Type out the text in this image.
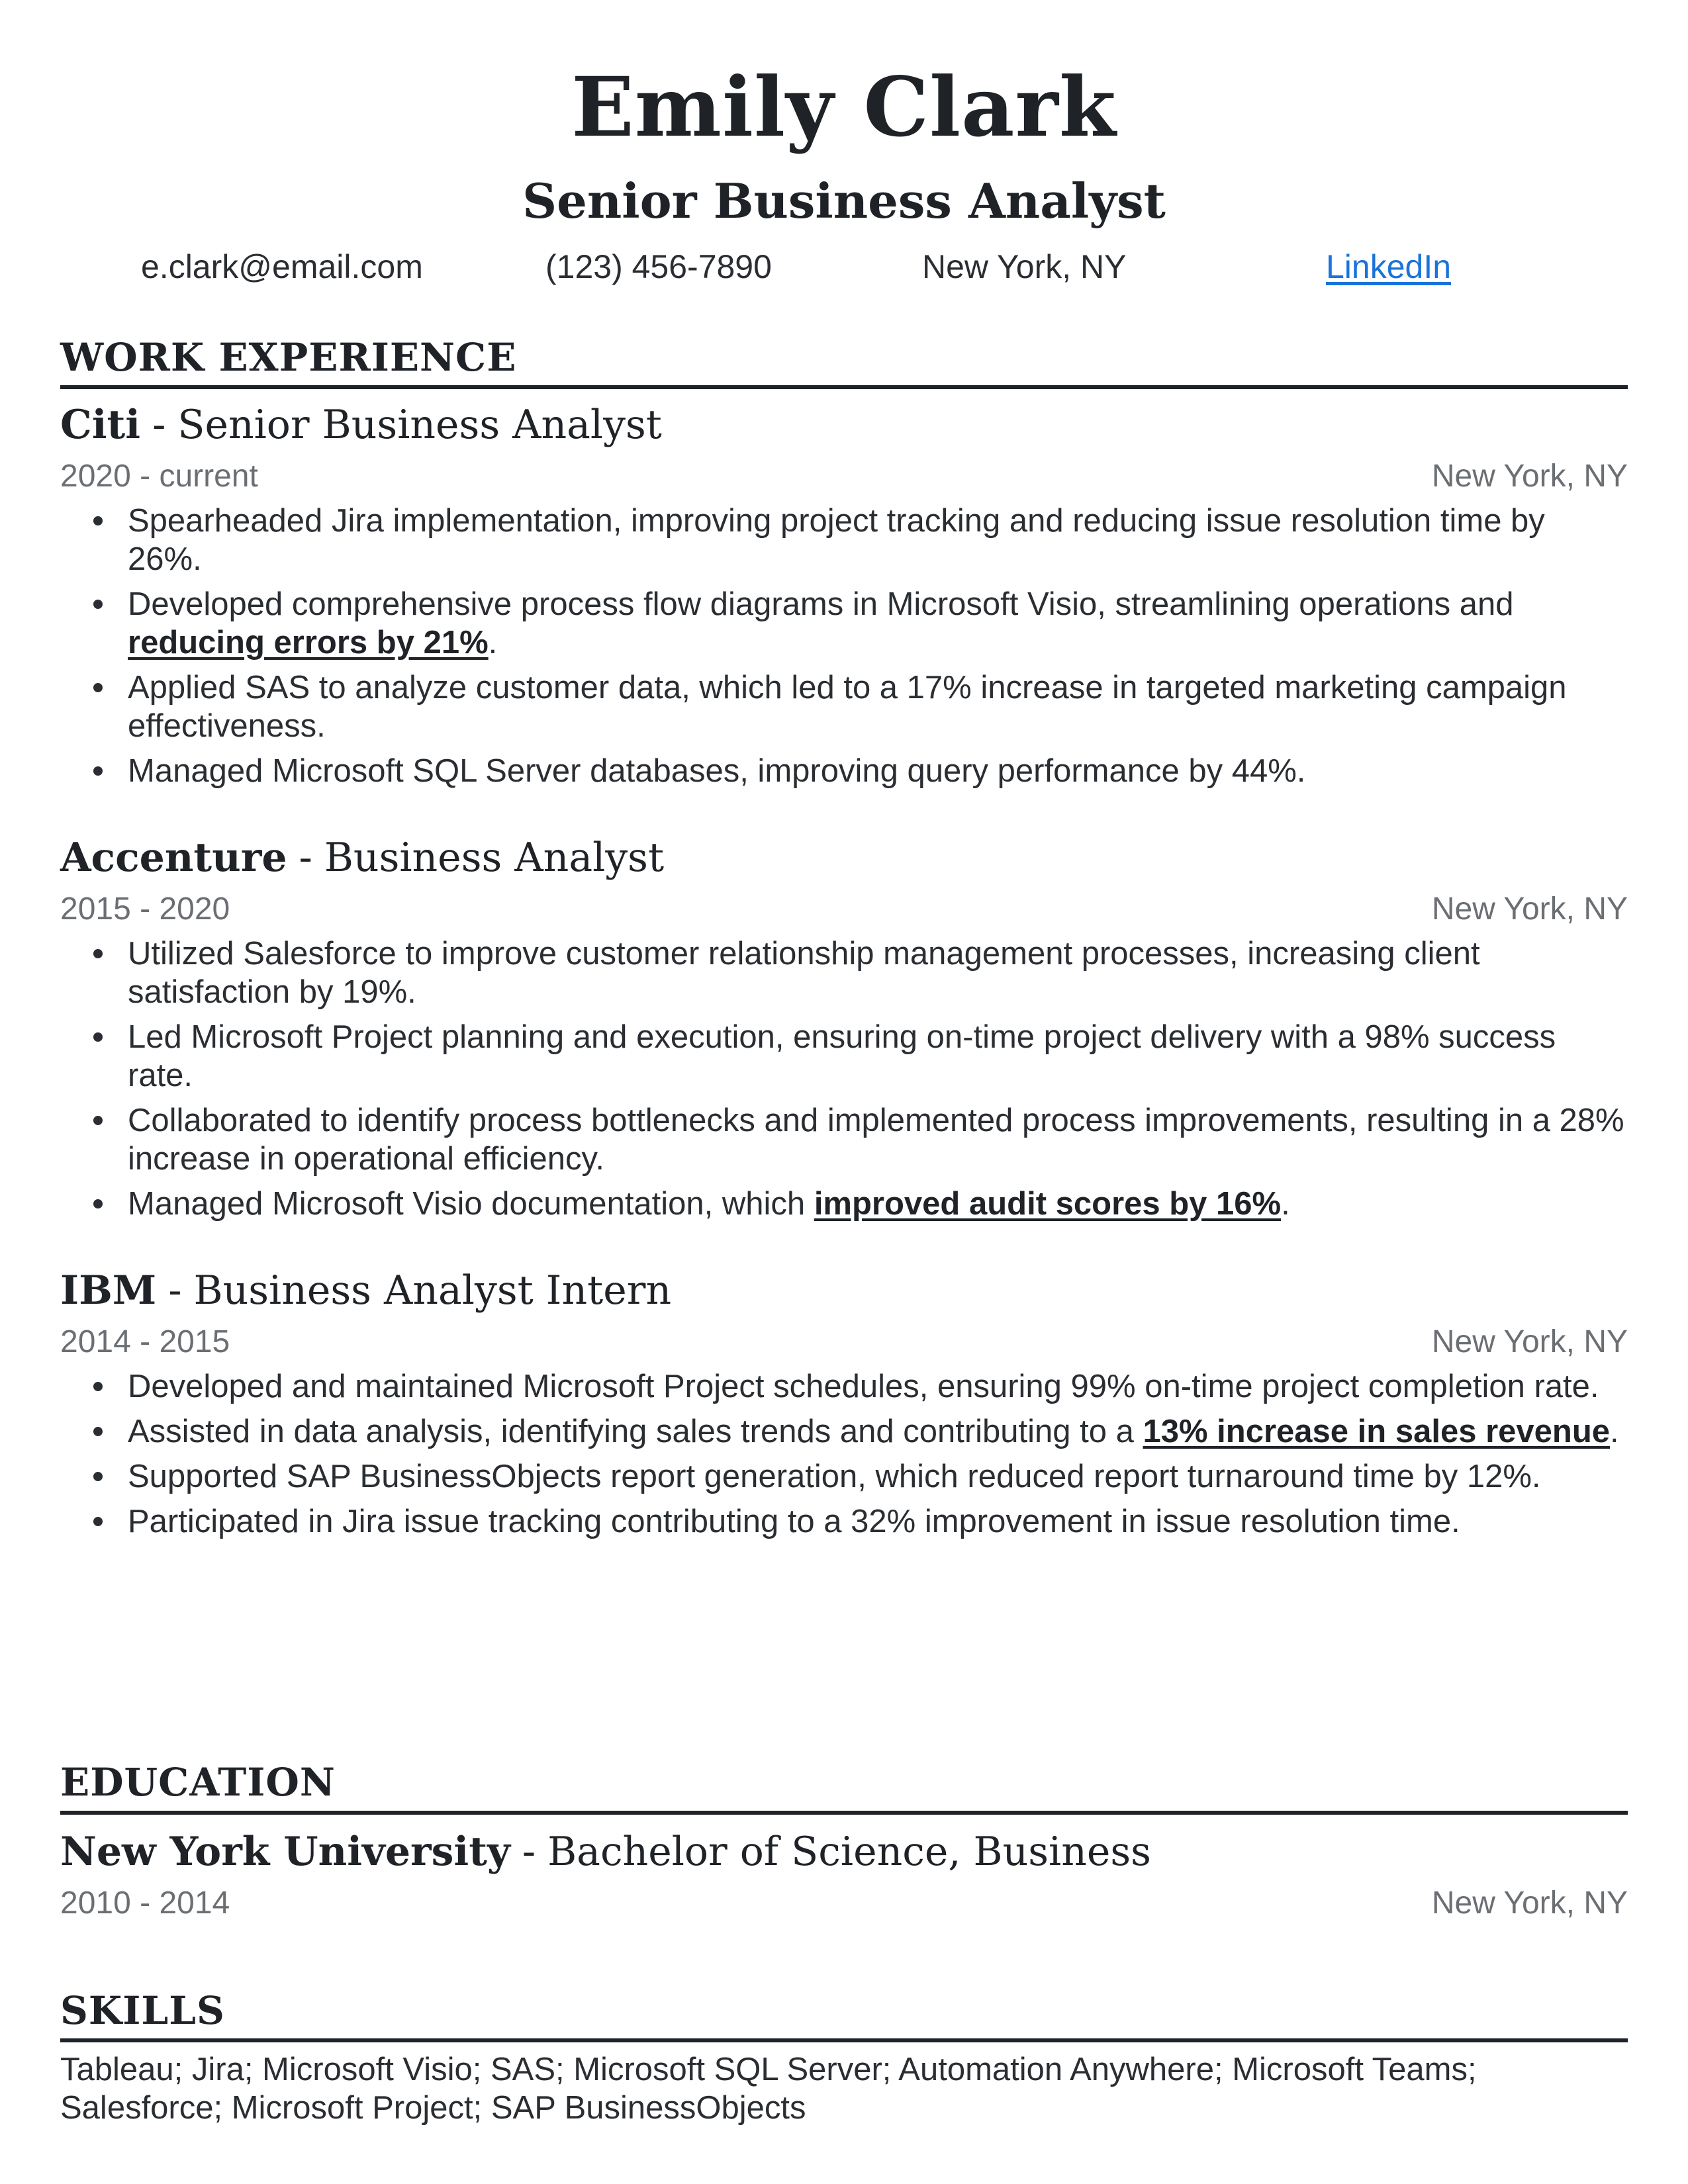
Emily Clark
Senior Business Analyst
e.clark@email.com	(123) 456-7890	New York, NY	LinkedIn
WORK EXPERIENCE
Citi - Senior Business Analyst
2020 - current	New York, NY
Spearheaded Jira implementation, improving project tracking and reducing issue resolution time by 26%.
Developed comprehensive process flow diagrams in Microsoft Visio, streamlining operations and reducing errors by 21%.
Applied SAS to analyze customer data, which led to a 17% increase in targeted marketing campaign effectiveness.
Managed Microsoft SQL Server databases, improving query performance by 44%.
Accenture - Business Analyst
2015 - 2020	New York, NY
Utilized Salesforce to improve customer relationship management processes, increasing client satisfaction by 19%.
Led Microsoft Project planning and execution, ensuring on-time project delivery with a 98% success rate.
Collaborated to identify process bottlenecks and implemented process improvements, resulting in a 28% increase in operational efficiency.
Managed Microsoft Visio documentation, which improved audit scores by 16%.
IBM - Business Analyst Intern
2014 - 2015	New York, NY
Developed and maintained Microsoft Project schedules, ensuring 99% on-time project completion rate.
Assisted in data analysis, identifying sales trends and contributing to a 13% increase in sales revenue.
Supported SAP BusinessObjects report generation, which reduced report turnaround time by 12%.
Participated in Jira issue tracking contributing to a 32% improvement in issue resolution time.
EDUCATION
New York University - Bachelor of Science, Business
2010 - 2014	New York, NY
SKILLS
Tableau; Jira; Microsoft Visio; SAS; Microsoft SQL Server; Automation Anywhere; Microsoft Teams; Salesforce; Microsoft Project; SAP BusinessObjects
